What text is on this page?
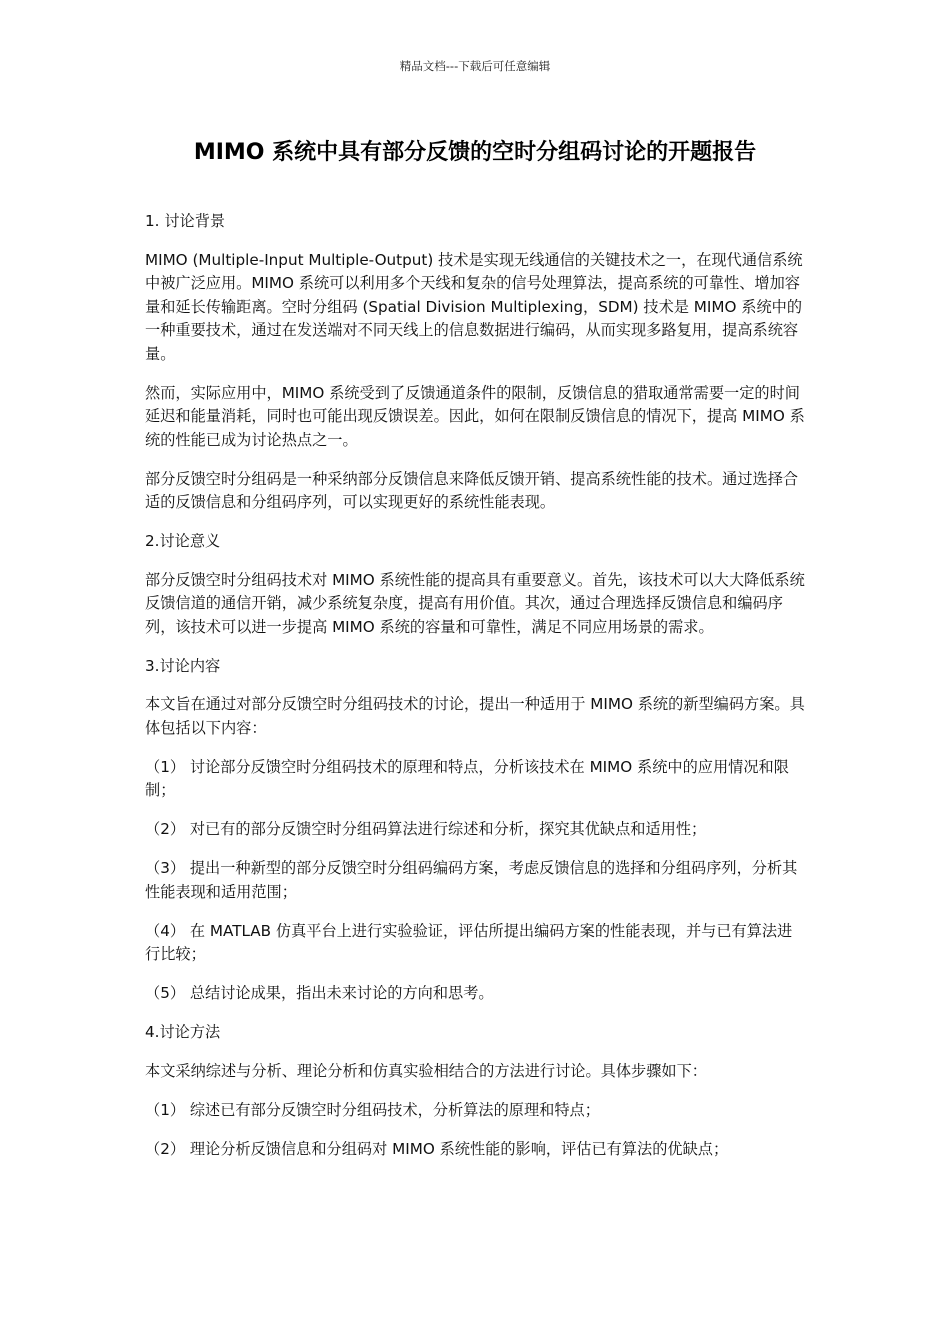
精品文档---下载后可任意编辑
MIMO 系统中具有部分反馈的空时分组码讨论的开题报告

1. 讨论背景

MIMO (Multiple-Input Multiple-Output) 技术是实现无线通信的关键技术之一，在现代通信系统中被广泛应用。MIMO 系统可以利用多个天线和复杂的信号处理算法，提高系统的可靠性、增加容量和延长传输距离。空时分组码 (Spatial Division Multiplexing，SDM) 技术是 MIMO 系统中的一种重要技术，通过在发送端对不同天线上的信息数据进行编码，从而实现多路复用，提高系统容量。

然而，实际应用中，MIMO 系统受到了反馈通道条件的限制，反馈信息的猎取通常需要一定的时间延迟和能量消耗，同时也可能出现反馈误差。因此，如何在限制反馈信息的情况下，提高 MIMO 系统的性能已成为讨论热点之一。

部分反馈空时分组码是一种采纳部分反馈信息来降低反馈开销、提高系统性能的技术。通过选择合适的反馈信息和分组码序列，可以实现更好的系统性能表现。

2.讨论意义

部分反馈空时分组码技术对 MIMO 系统性能的提高具有重要意义。首先，该技术可以大大降低系统反馈信道的通信开销，减少系统复杂度，提高有用价值。其次，通过合理选择反馈信息和编码序列，该技术可以进一步提高 MIMO 系统的容量和可靠性，满足不同应用场景的需求。

3.讨论内容

本文旨在通过对部分反馈空时分组码技术的讨论，提出一种适用于 MIMO 系统的新型编码方案。具体包括以下内容：

（1） 讨论部分反馈空时分组码技术的原理和特点，分析该技术在 MIMO 系统中的应用情况和限制；

（2） 对已有的部分反馈空时分组码算法进行综述和分析，探究其优缺点和适用性；

（3） 提出一种新型的部分反馈空时分组码编码方案，考虑反馈信息的选择和分组码序列，分析其性能表现和适用范围；

（4） 在 MATLAB 仿真平台上进行实验验证，评估所提出编码方案的性能表现，并与已有算法进行比较；

（5） 总结讨论成果，指出未来讨论的方向和思考。

4.讨论方法

本文采纳综述与分析、理论分析和仿真实验相结合的方法进行讨论。具体步骤如下：

（1） 综述已有部分反馈空时分组码技术，分析算法的原理和特点；

（2） 理论分析反馈信息和分组码对 MIMO 系统性能的影响，评估已有算法的优缺点；
